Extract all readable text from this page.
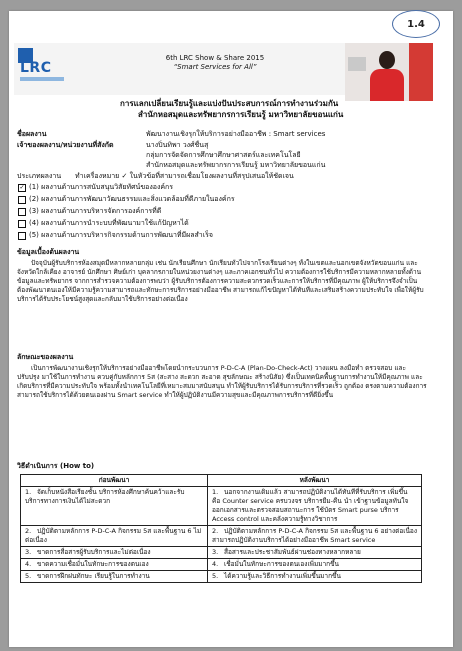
1.4
LRC
6th LRC Show & Share 2015
“Smart Services for All”
การแลกเปลี่ยนเรียนรู้และแบ่งปันประสบการณ์การทำงานร่วมกัน
สำนักหอสมุดและทรัพยากรการเรียนรู้ มหาวิทยาลัยขอนแก่น
ชื่อผลงาน	พัฒนางานเชิงรุกให้บริการอย่างมืออาชีพ : Smart services
เจ้าของผลงาน/หน่วยงานที่สังกัด	นางปิ่นทิพา วงศ์ชื่นสุ
กลุ่มการจัดจัดการศึกษาศึกษาศาสตร์และเทคโนโลยี
สำนักหอสมุดและทรัพยากรการเรียนรู้ มหาวิทยาลัยขอนแก่น
ประเภทผลงาน ทำเครื่องหมาย ✓ ในหัวข้อที่สามารถเชื่อมโยงผลงานที่สรุปเสนอให้ชัดเจน
✓ (1) ผลงานด้านการสนับสนุนวิสัยทัศน์ขององค์กร
(2) ผลงานด้านการพัฒนาวัฒนธรรมและสิ่งแวดล้อมที่ดีภายในองค์กร
(3) ผลงานด้านการบริหารจัดการองค์การที่ดี
(4) ผลงานด้านการนำระบบที่พัฒนามาใช้แก้ปัญหาได้
(5) ผลงานด้านการบริหารกิจกรรมด้านการพัฒนาที่มีผลสำเร็จ
ข้อมูลเบื้องต้นผลงาน
ปัจจุบันผู้รับบริการห้องสมุดมีหลากหลายกลุ่ม เช่น นักเรียนศึกษา นักเรียนทั่วไปจากโรงเรียนต่างๆ ทั้งในเขตและนอกเขตจังหวัดขอนแก่น และจังหวัดใกล้เคียง อาจารย์ นักศึกษา ศิษย์เก่า บุคลากรภายในหน่วยงานต่างๆ และภาคเอกชนทั่วไป ความต้องการใช้บริการมีความหลากหลายทั้งด้านข้อมูลและทรัพยากร จากการสำรวจความต้องการพบว่า ผู้รับบริการต้องการความสะดวกรวดเร็วและการให้บริการที่มีคุณภาพ ผู้ให้บริการจึงจำเป็นต้องพัฒนาตนเองให้มีความรู้ความสามารถและทักษะการบริการอย่างมืออาชีพ สามารถแก้ไขปัญหาได้ทันทีและเสริมสร้างความประทับใจ เพื่อให้ผู้รับบริการได้รับประโยชน์สูงสุดและกลับมาใช้บริการอย่างต่อเนื่อง
ลักษณะของผลงาน
เป็นการพัฒนางานเชิงรุกให้บริการอย่างมืออาชีพโดยนำกระบวนการ P-D-C-A (Plan-Do-Check-Act) วางแผน ลงมือทำ ตรวจสอบ และปรับปรุง มาใช้ในการทำงาน ควบคู่กับหลักการ 5ส (สะสาง สะดวก สะอาด สุขลักษณะ สร้างนิสัย) ซึ่งเป็นเทคนิคพื้นฐานการทำงานให้มีคุณภาพ และเกิดบริการที่มีความประทับใจ พร้อมทั้งนำเทคโนโลยีที่เหมาะสมมาสนับสนุน ทำให้ผู้รับบริการได้รับการบริการที่รวดเร็ว ถูกต้อง ตรงตามความต้องการ สามารถใช้บริการได้ด้วยตนเองผ่าน Smart service ทำให้ผู้ปฏิบัติงานมีความสุขและมีคุณภาพการบริการที่ดียิ่งขึ้น
วิธีดำเนินการ (How to)
ก่อนพัฒนา	หลังพัฒนา
1. จัดเก็บหนังสือเรียงชั้น บริการห้องศึกษาค้นคว้าและรับ บริการทางการเงินได้ไม่สะดวก	1. นอกจากงานเดิมแล้ว สามารถปฏิบัติงานได้ทันทีที่รับบริการ เพิ่มขึ้น คือ Counter service ครบวงจร บริการยืม-คืน นำ เข้าฐานข้อมูลทันใจ ออกเอกสารและตรวจสอบสถานะการ ใช้บัตร Smart purse บริการ Access control และคลังความรู้ทางวิชาการ
2. ปฏิบัติตามหลักการ P-D-C-A กิจกรรม 5ส และพื้นฐาน 6 ไม่ต่อเนื่อง	2. ปฏิบัติตามหลักการ P-D-C-A กิจกรรม 5ส และพื้นฐาน 6 อย่างต่อเนื่อง สามารถปฏิบัติงานบริการได้อย่างมืออาชีพ Smart service
3. ขาดการสื่อสารผู้รับบริการและไม่ต่อเนื่อง	3. สื่อสารและประชาสัมพันธ์ผ่านช่องทางหลากหลาย
4. ขาดความเชื่อมั่นในทักษะการของตนเอง	4. เชื่อมั่นในทักษะการของตนเองเพิ่มมากขึ้น
5. ขาดการฝึกฝนทักษะ เรียนรู้ในการทำงาน	5. ได้ความรู้และวิธีการทำงานเพิ่มขึ้นมากขึ้น
